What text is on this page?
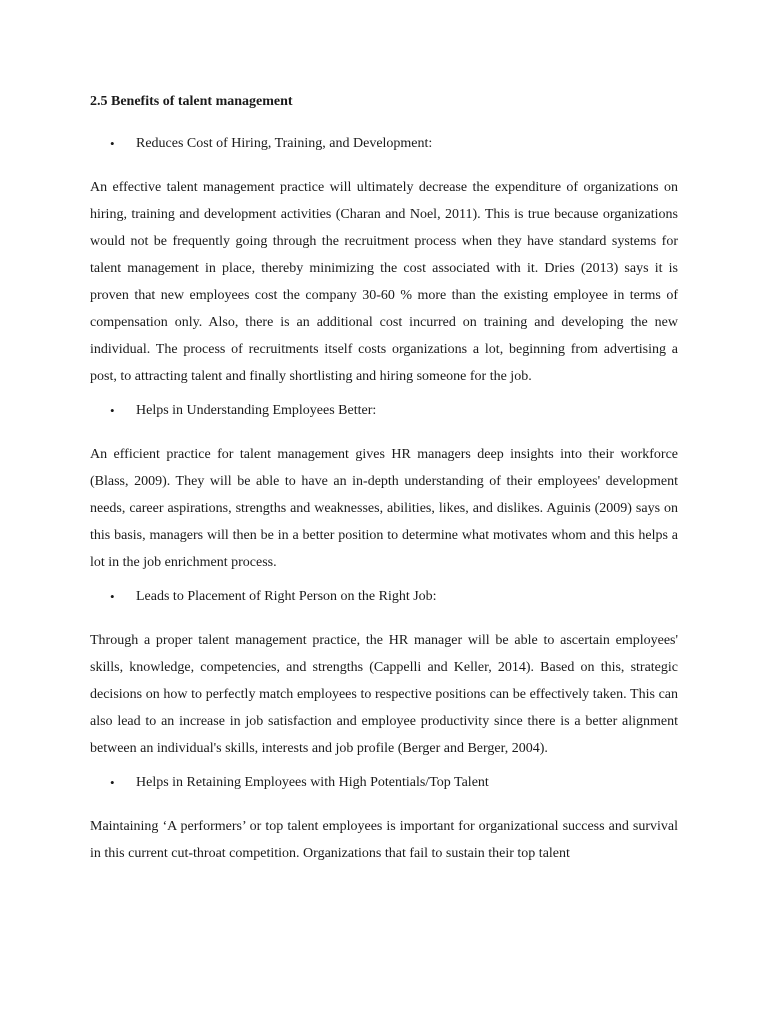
2.5 Benefits of talent management
•	Reduces Cost of Hiring, Training, and Development:

An effective talent management practice will ultimately decrease the expenditure of organizations on hiring, training and development activities (Charan and Noel, 2011). This is true because organizations would not be frequently going through the recruitment process when they have standard systems for talent management in place, thereby minimizing the cost associated with it. Dries (2013) says it is proven that new employees cost the company 30-60 % more than the existing employee in terms of compensation only. Also, there is an additional cost incurred on training and developing the new individual. The process of recruitments itself costs organizations a lot, beginning from advertising a post, to attracting talent and finally shortlisting and hiring someone for the job.

•	Helps in Understanding Employees Better:

An efficient practice for talent management gives HR managers deep insights into their workforce (Blass, 2009). They will be able to have an in-depth understanding of their employees' development needs, career aspirations, strengths and weaknesses, abilities, likes, and dislikes. Aguinis (2009) says on this basis, managers will then be in a better position to determine what motivates whom and this helps a lot in the job enrichment process.

•	Leads to Placement of Right Person on the Right Job:

Through a proper talent management practice, the HR manager will be able to ascertain employees' skills, knowledge, competencies, and strengths (Cappelli and Keller, 2014). Based on this, strategic decisions on how to perfectly match employees to respective positions can be effectively taken. This can also lead to an increase in job satisfaction and employee productivity since there is a better alignment between an individual's skills, interests and job profile (Berger and Berger, 2004).

•	Helps in Retaining Employees with High Potentials/Top Talent

Maintaining ‘A performers’ or top talent employees is important for organizational success and survival in this current cut-throat competition. Organizations that fail to sustain their top talent
